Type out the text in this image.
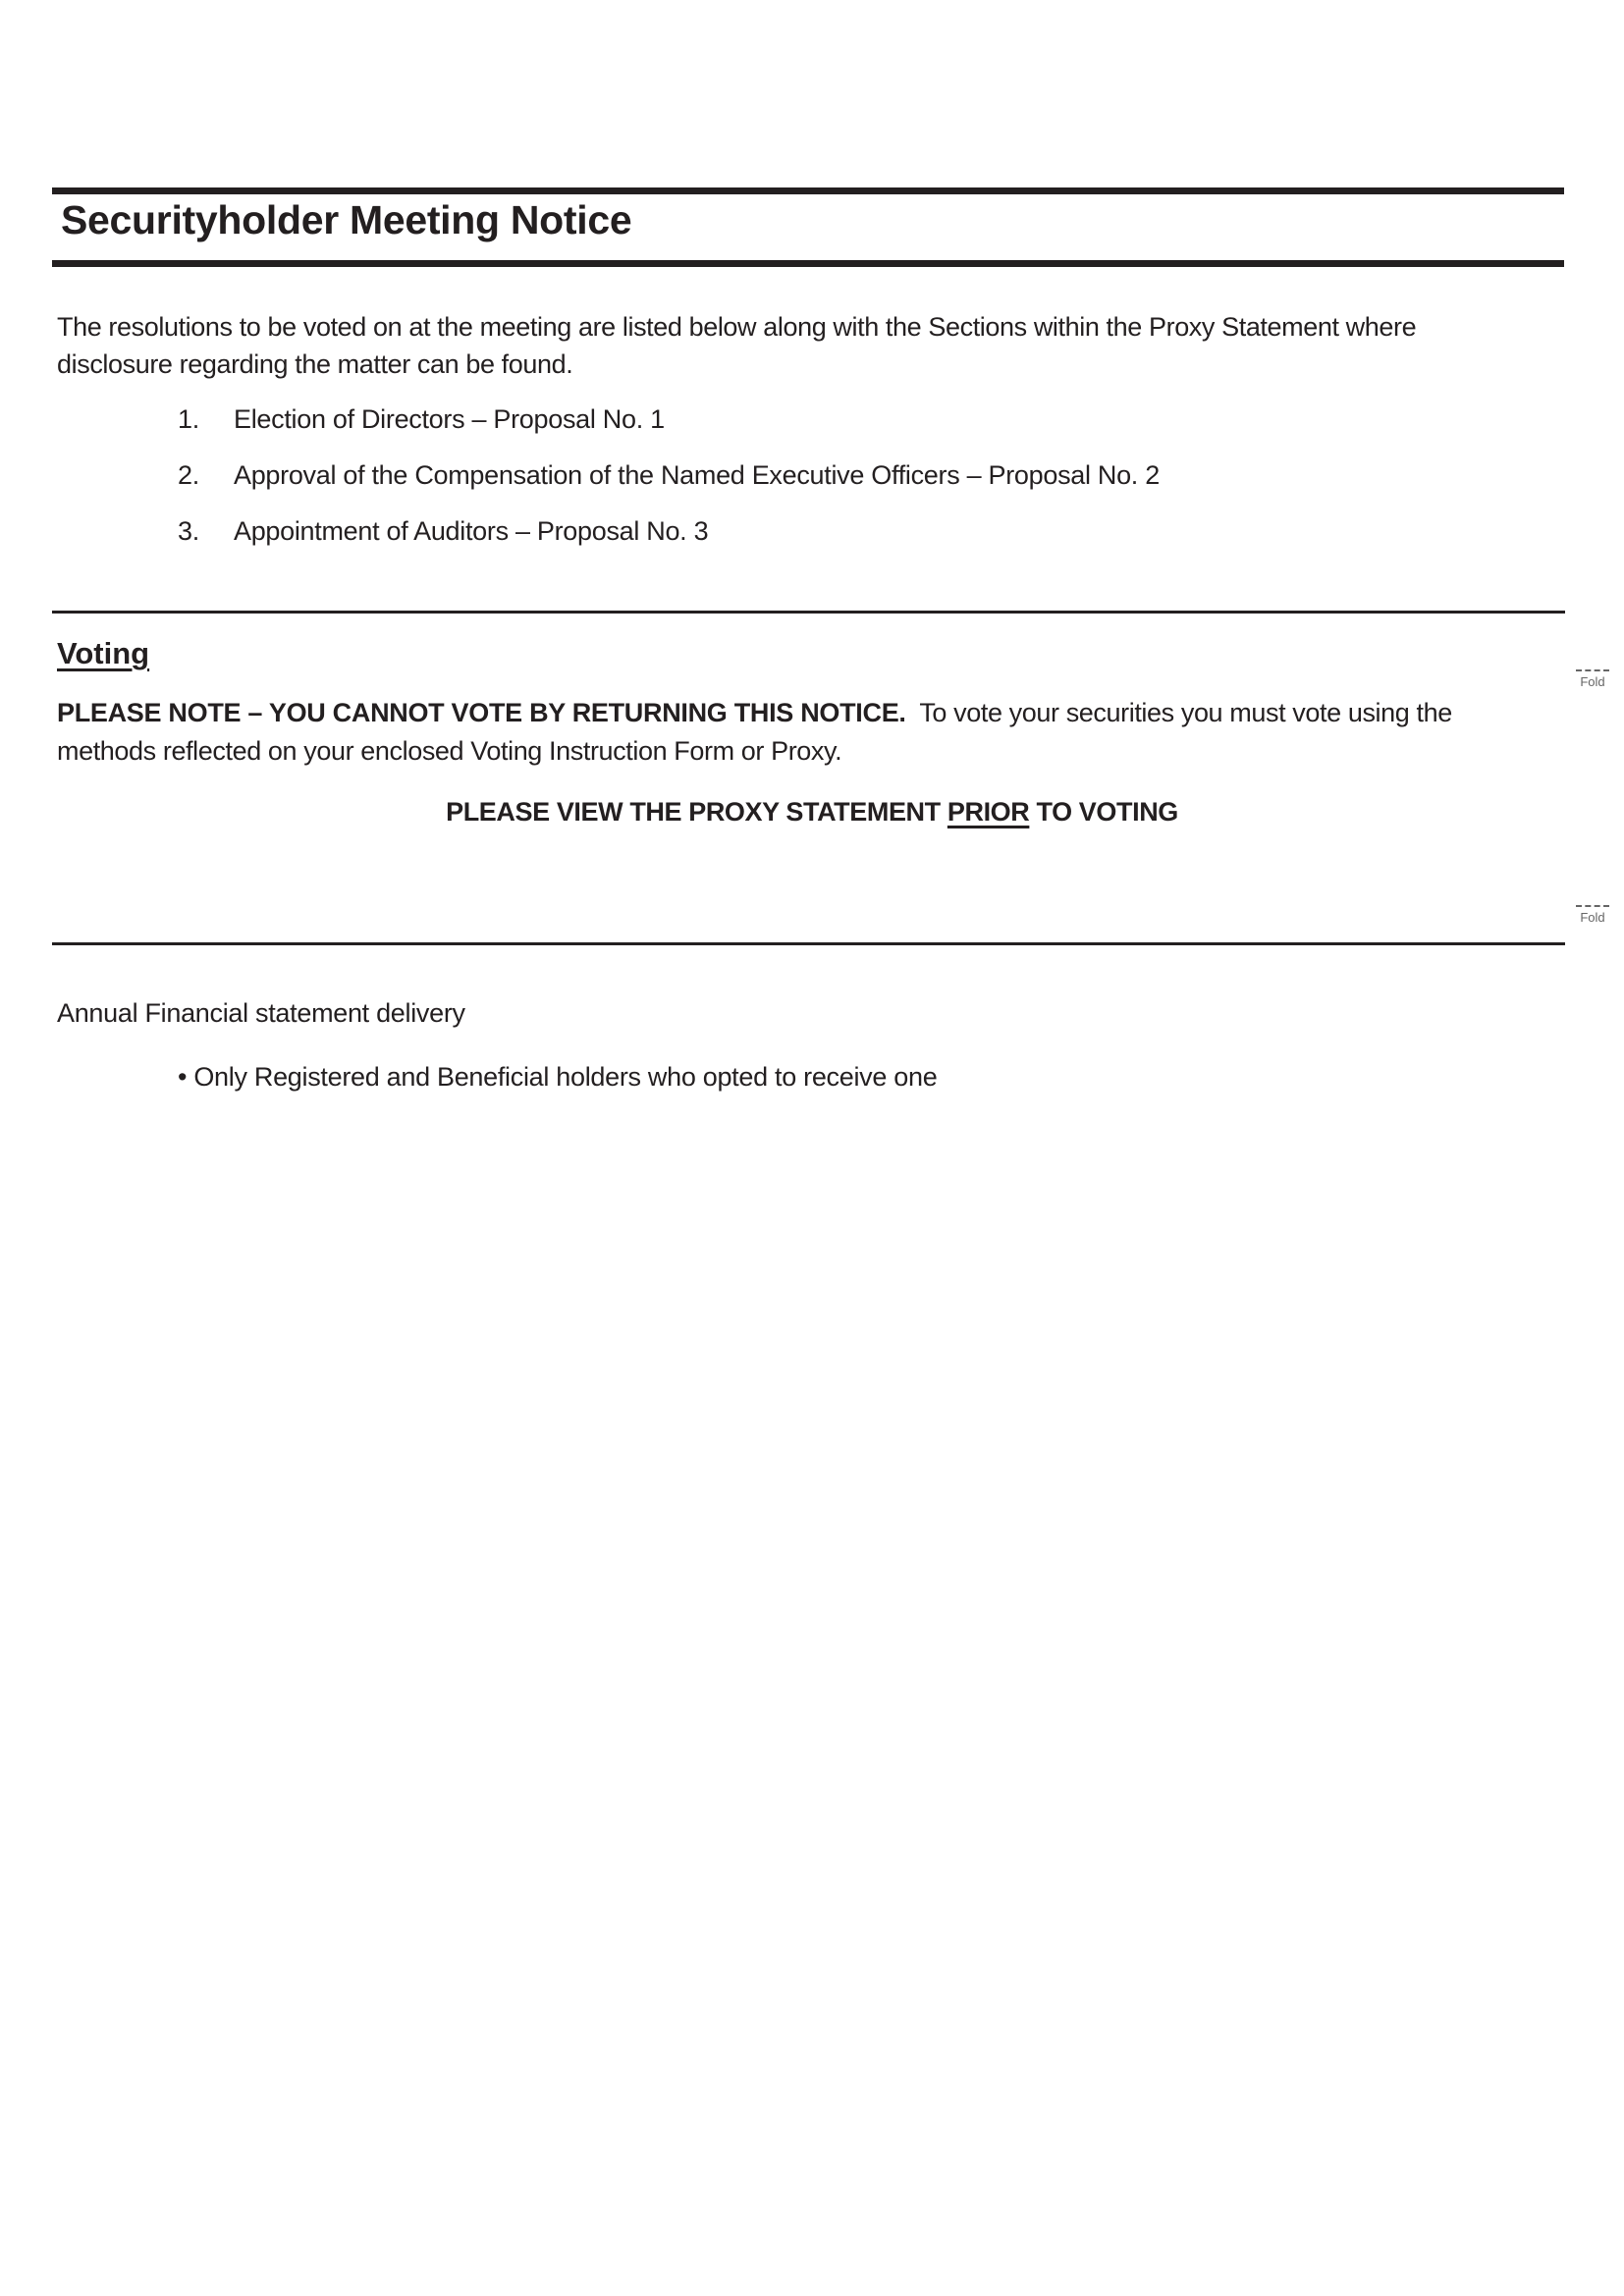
Securityholder Meeting Notice

The resolutions to be voted on at the meeting are listed below along with the Sections within the Proxy Statement where disclosure regarding the matter can be found.

1. Election of Directors – Proposal No. 1
2. Approval of the Compensation of the Named Executive Officers – Proposal No. 2
3. Appointment of Auditors – Proposal No. 3
Voting
Fold

PLEASE NOTE – YOU CANNOT VOTE BY RETURNING THIS NOTICE. To vote your securities you must vote using the methods reflected on your enclosed Voting Instruction Form or Proxy.

PLEASE VIEW THE PROXY STATEMENT PRIOR TO VOTING

Fold

Annual Financial statement delivery

• Only Registered and Beneficial holders who opted to receive one
